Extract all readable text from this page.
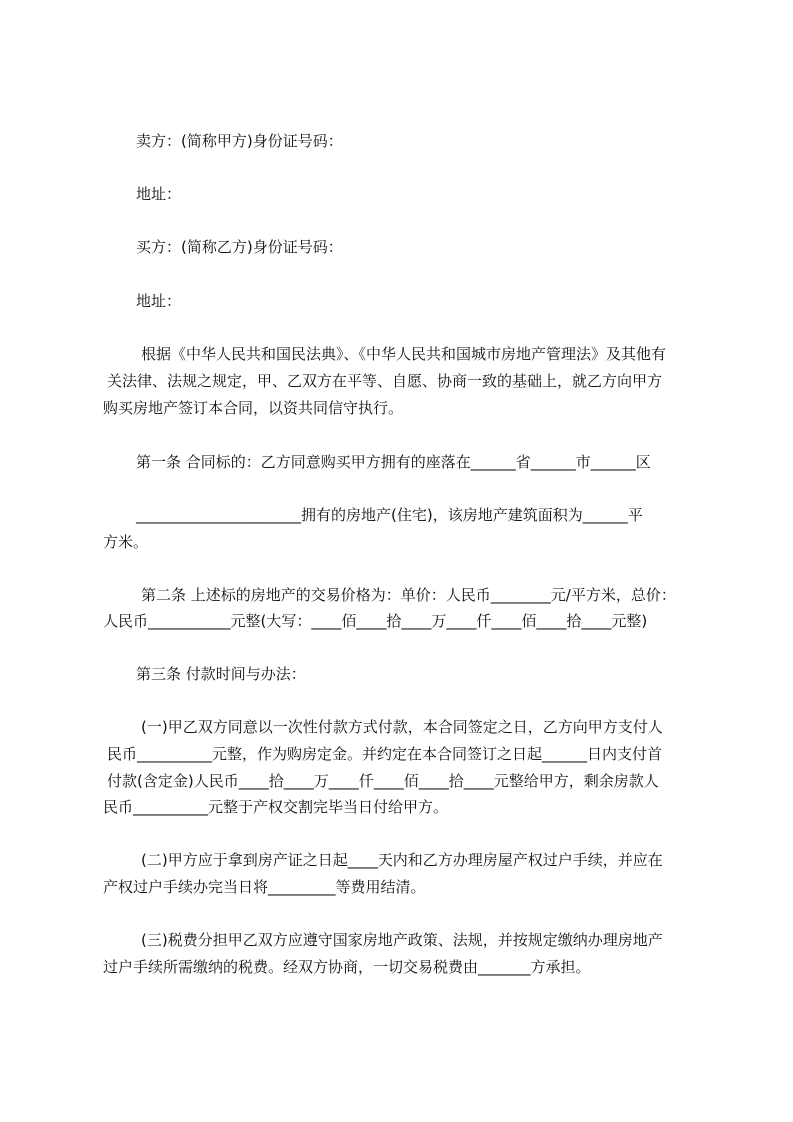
卖方：(简称甲方)身份证号码：
地址：
买方：(简称乙方)身份证号码：
地址：
根据《中华人民共和国民法典》、《中华人民共和国城市房地产管理法》及其他有
关法律、法规之规定，甲、乙双方在平等、自愿、协商一致的基础上，就乙方向甲方
购买房地产签订本合同，以资共同信守执行。
第一条 合同标的：乙方同意购买甲方拥有的座落在______省______市______区
______________________拥有的房地产(住宅)，该房地产建筑面积为______平
方米。
第二条 上述标的房地产的交易价格为：单价：人民币________元/平方米，总价：
人民币___________元整(大写：____佰____拾____万____仟____佰____拾____元整)
第三条 付款时间与办法：
(一)甲乙双方同意以一次性付款方式付款，本合同签定之日，乙方向甲方支付人
民币__________元整，作为购房定金。并约定在本合同签订之日起______日内支付首
付款(含定金)人民币____拾____万____仟____佰____拾____元整给甲方，剩余房款人
民币__________元整于产权交割完毕当日付给甲方。
(二)甲方应于拿到房产证之日起____天内和乙方办理房屋产权过户手续，并应在
产权过户手续办完当日将_________等费用结清。
(三)税费分担甲乙双方应遵守国家房地产政策、法规，并按规定缴纳办理房地产
过户手续所需缴纳的税费。经双方协商，一切交易税费由_______方承担。
